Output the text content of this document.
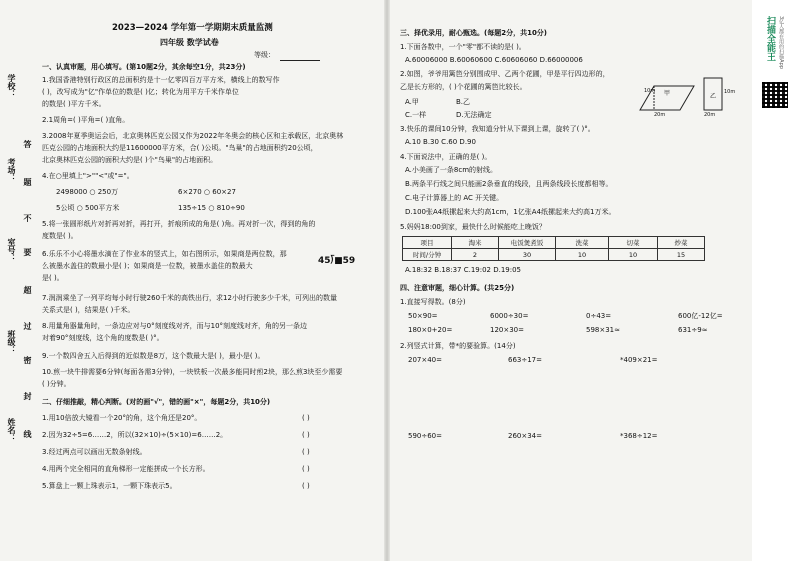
学校：
考场：
室号：
班级：
姓名：
答
题
不
要
超
过
密
封
线
2023—2024 学年第一学期期末质量监测
四年级 数学试卷
等级：
一、认真审题，用心填写。(第10题2分，其余每空1分，共23分)
1.我国香港特别行政区的总面积约是十一亿零四百万平方米，横线上的数写作
( )，改写成为"亿"作单位的数是( )亿；转化为用平方千米作单位
的数是( )平方千米。
2.1周角=( )平角=( )直角。
3.2008年夏季奥运会后，北京奥林匹克公园又作为2022年冬奥会的核心区和主承载区，北京奥林
匹克公园的占地面积大约是11600000平方米，合( )公顷。"鸟巢"的占地面积约20公顷，
北京奥林匹克公园的面积大约是( )个"鸟巢"的占地面积。
4.在○里填上">""<"或"="。
2498000 ○ 250万	6×270 ○ 60×27
5公顷 ○ 500平方米	135÷15 ○ 810÷90
5.将一张圆形纸片对折再对折，再打开，折痕所成的角是( )角。再对折一次，得到的角的
度数是( )。
6.乐乐不小心将墨水滴在了作业本的竖式上，如右图所示，如果商是两位数，那
么被墨水盖住的数最小是( )；如果商是一位数，被墨水盖住的数最大
是( )。
45⟌■59
7.润润乘坐了一列平均每小时行驶260千米的高铁出行，求12小时行驶多少千米，可列出的数量
关系式是( )，结果是( )千米。
8.用量角器量角时，一条边应对与0°刻度线对齐，而与10°刻度线对齐，角的另一条边
对着90°刻度线，这个角的度数是( )°。
9.一个数四舍五入后得到的近似数是8万，这个数最大是( )，最小是( )。
10.煎一块牛排需要6分钟(每面各需3分钟)，一块铁板一次最多能同时煎2块，那么煎3块至少需要
( )分钟。
二、仔细推敲，精心判断。(对的画"√"，错的画"×"，每题2分，共10分)
1.用10倍放大镜看一个20°的角，这个角还是20°。
2.因为32÷5=6……2，所以(32×10)÷(5×10)=6……2。
3.经过两点可以画出无数条射线。
4.用两个完全相同的直角梯形一定能拼成一个长方形。
5.算盘上一颗上珠表示1，一颗下珠表示5。
( )
( )
( )
( )
( )
三、择优录用，耐心甄选。(每题2分，共10分)
1.下面各数中，一个"零"都不读的是( )。
A.60006000 B.60060600 C.60606060 D.66000006
2.如图，爷爷用篱笆分别围成甲、乙两个花圃，甲是平行四边形的，
乙是长方形的，( )个花圃的篱笆比较长。
A.甲	B.乙
C.一样	D.无法确定
甲	乙
10m
20m
10m
20m
3.快乐的课间10分钟，我知道分针从下课到上课，旋转了( )°。
A.10 B.30 C.60 D.90
4.下面说法中，正确的是( )。
A.小美画了一条8cm的射线。
B.两条平行线之间只能画2条垂直的线段，且两条线段长度都相等。
C.电子计算器上的 AC 开关键。
D.100张A4纸摞起来大约高1cm，1亿张A4纸摞起来大约高1万米。
5.妈妈18:00到家，最快什么时候能吃上晚饭？
项目	淘米	电饭煲煮饭	洗菜	切菜	炒菜
时间/分钟	2	30	10	10	15
A.18:32 B.18:37 C.19:02 D.19:05
四、注意审题，细心计算。(共25分)
1.直接写得数。(8分)
50×90=	6000÷30=	0÷43=	600亿-12亿=
180×0+20=	120×30=	598×31≈	631÷9≈
2.列竖式计算，带*的要验算。(14分)
207×40=	663÷17=	*409×21=
590÷60=	260×34=	*368÷12=
扫描全能王 3亿人都在用的扫描App
